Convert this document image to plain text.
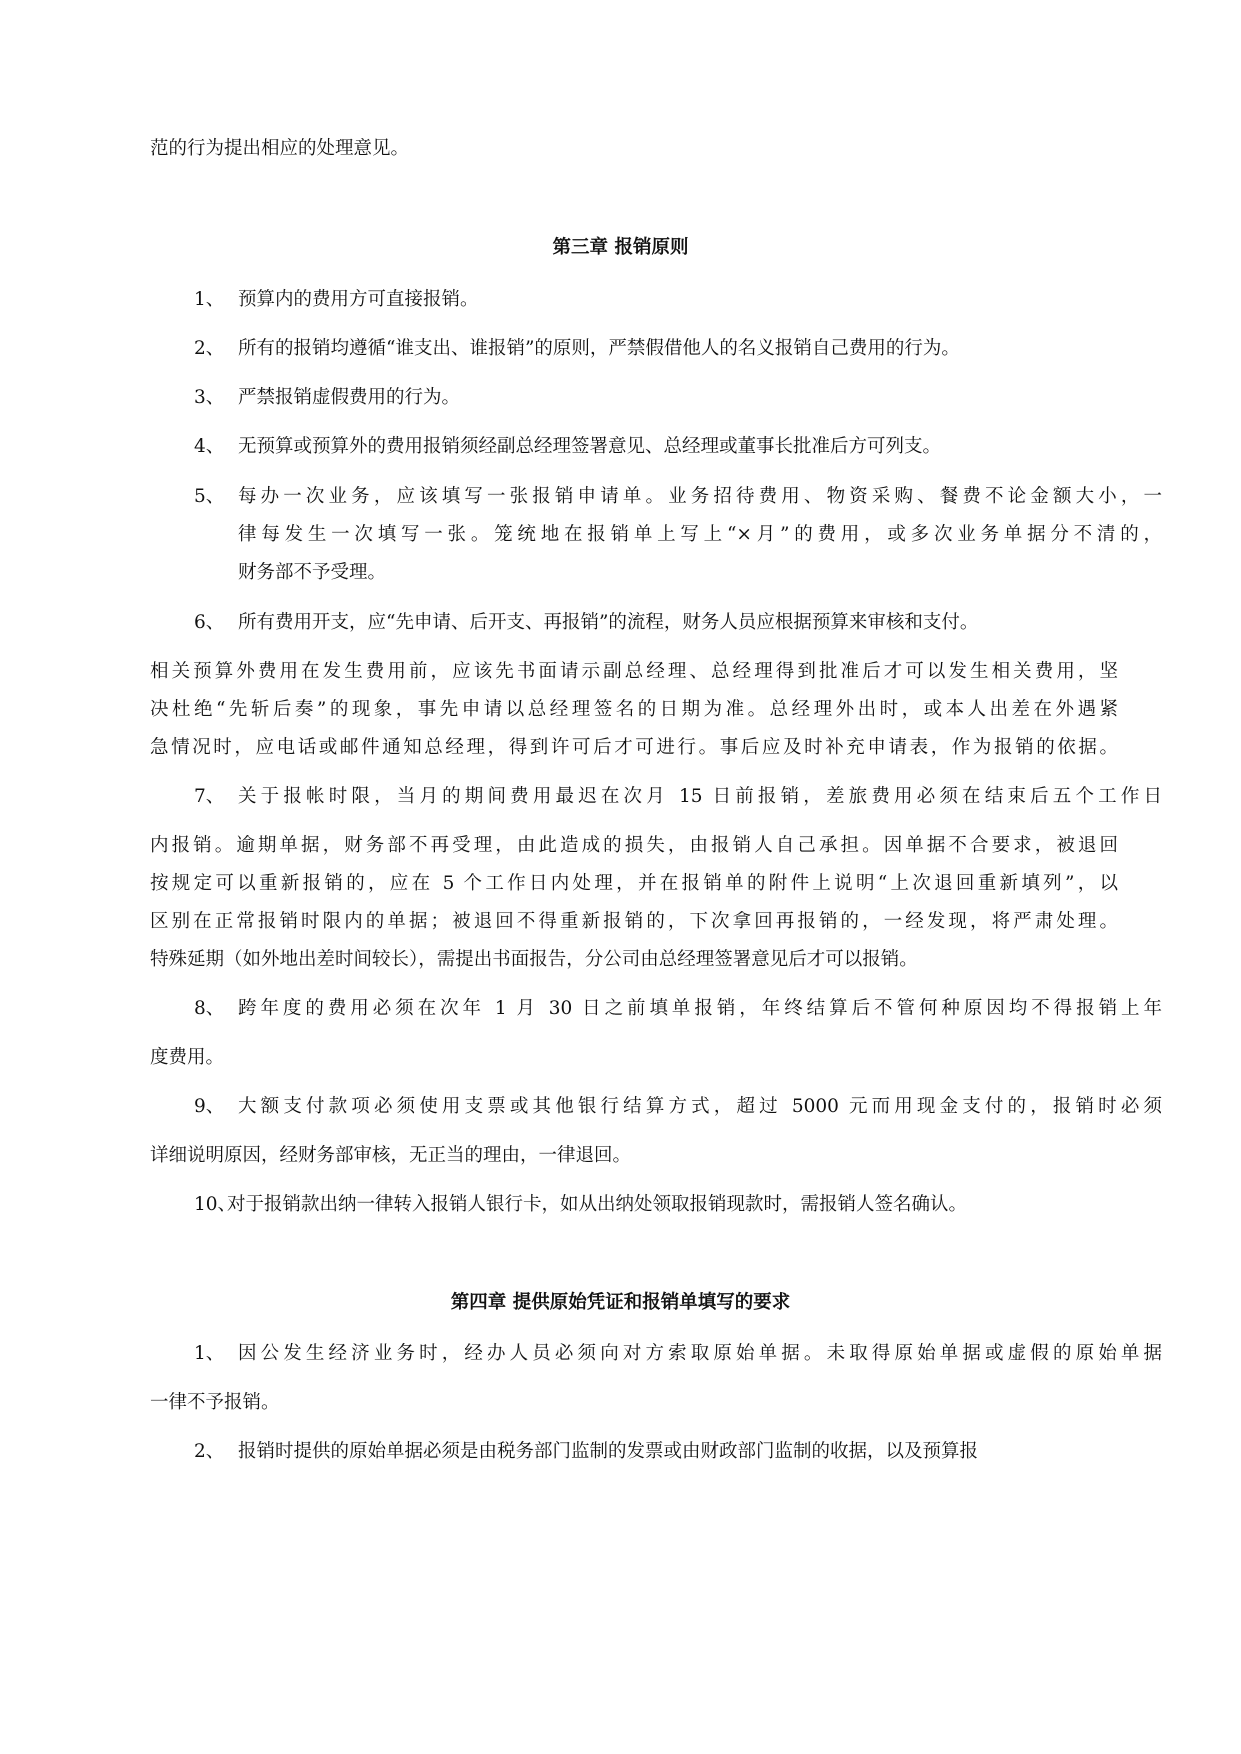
范的行为提出相应的处理意见。

第三章 报销原则
1、 预算内的费用方可直接报销。
2、 所有的报销均遵循“谁支出、谁报销”的原则，严禁假借他人的名义报销自己费用的行为。
3、 严禁报销虚假费用的行为。
4、 无预算或预算外的费用报销须经副总经理签署意见、总经理或董事长批准后方可列支。
5、 每办一次业务，应该填写一张报销申请单。业务招待费用、物资采购、餐费不论金额大小，一
律每发生一次填写一张。笼统地在报销单上写上“×月”的费用，或多次业务单据分不清的，
财务部不予受理。
6、 所有费用开支，应“先申请、后开支、再报销”的流程，财务人员应根据预算来审核和支付。
相关预算外费用在发生费用前，应该先书面请示副总经理、总经理得到批准后才可以发生相关费用，坚
决杜绝“先斩后奏”的现象，事先申请以总经理签名的日期为准。总经理外出时，或本人出差在外遇紧
急情况时，应电话或邮件通知总经理，得到许可后才可进行。事后应及时补充申请表，作为报销的依据。
7、 关于报帐时限，当月的期间费用最迟在次月 15 日前报销，差旅费用必须在结束后五个工作日
内报销。逾期单据，财务部不再受理，由此造成的损失，由报销人自己承担。因单据不合要求，被退回
按规定可以重新报销的，应在 5 个工作日内处理，并在报销单的附件上说明“上次退回重新填列”，以
区别在正常报销时限内的单据；被退回不得重新报销的，下次拿回再报销的，一经发现，将严肃处理。
特殊延期（如外地出差时间较长），需提出书面报告，分公司由总经理签署意见后才可以报销。
8、 跨年度的费用必须在次年 1 月 30 日之前填单报销，年终结算后不管何种原因均不得报销上年
度费用。
9、 大额支付款项必须使用支票或其他银行结算方式，超过 5000 元而用现金支付的，报销时必须
详细说明原因，经财务部审核，无正当的理由，一律退回。
10、
对于报销款出纳一律转入报销人银行卡，如从出纳处领取报销现款时，需报销人签名确认。
第四章 提供原始凭证和报销单填写的要求
1、 因公发生经济业务时，经办人员必须向对方索取原始单据。未取得原始单据或虚假的原始单据
一律不予报销。
2、 报销时提供的原始单据必须是由税务部门监制的发票或由财政部门监制的收据，以及预算报
